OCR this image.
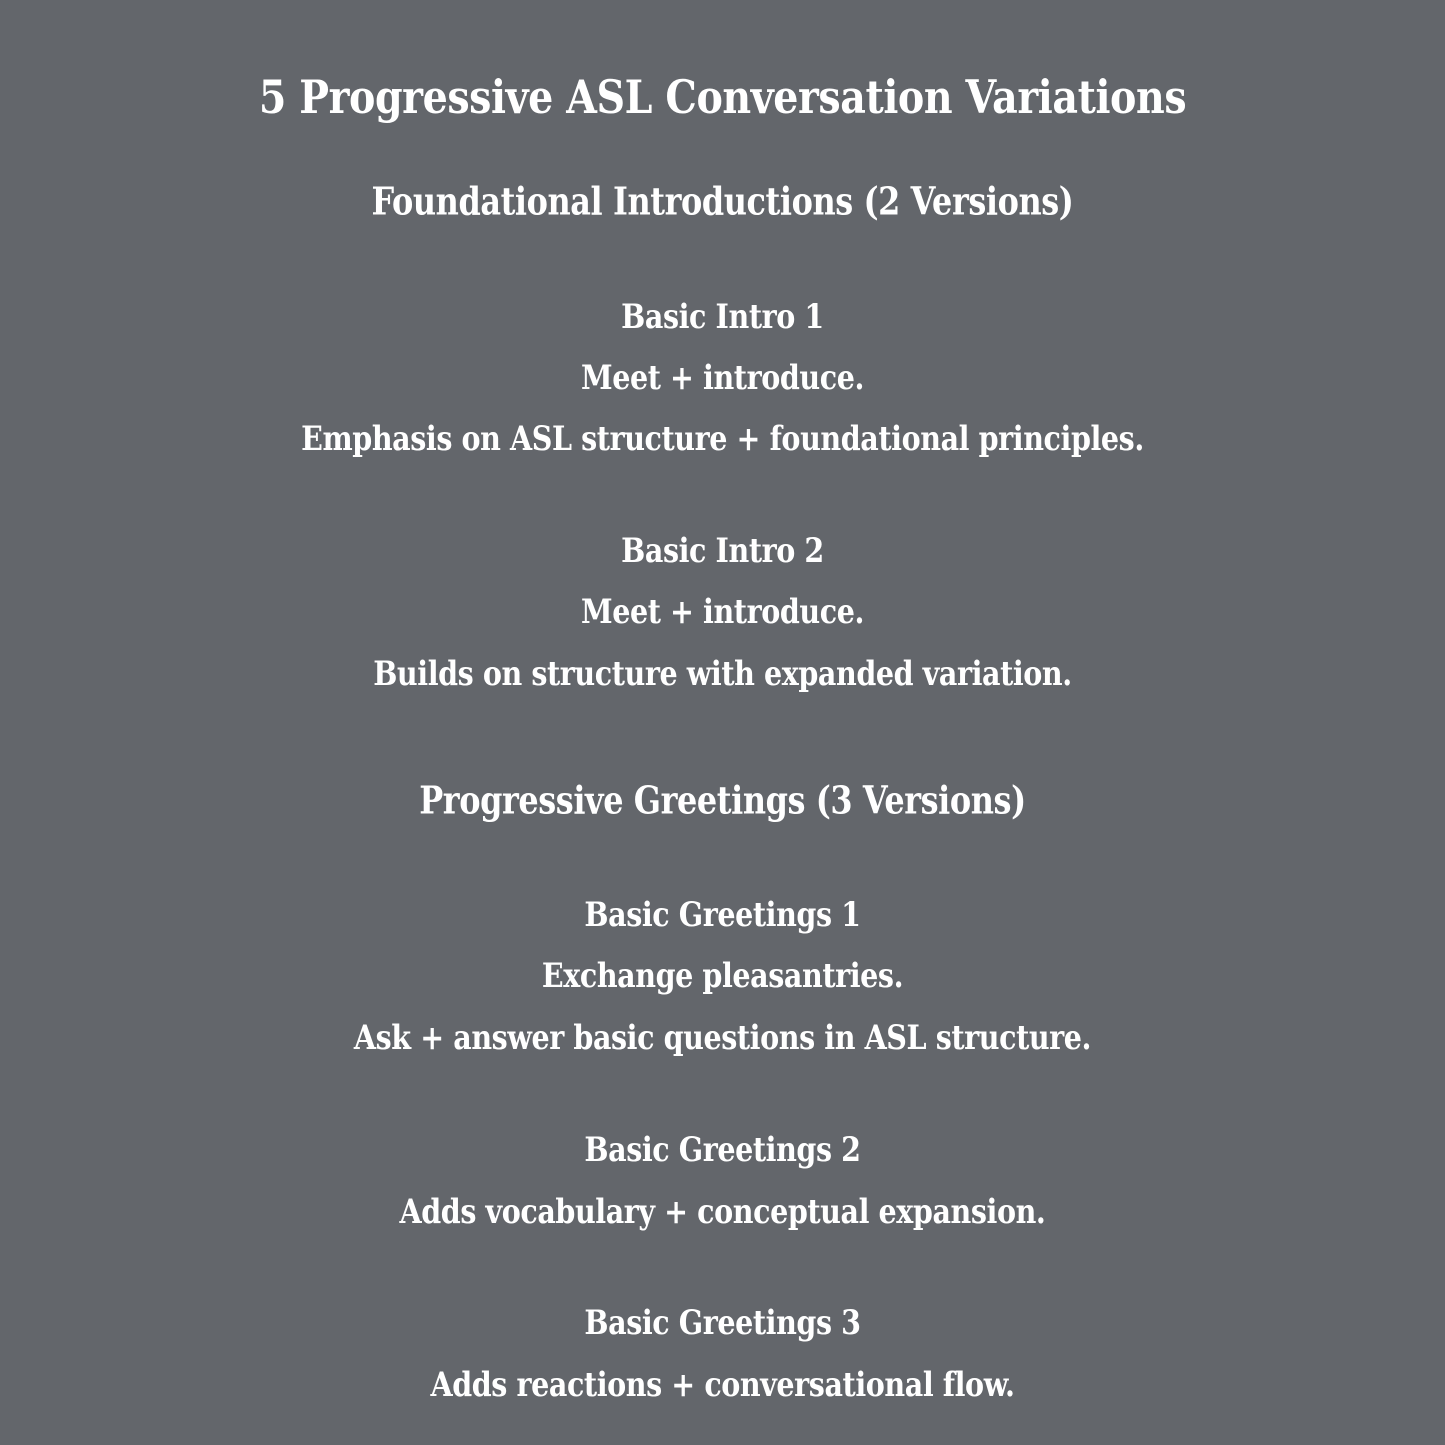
5 Progressive ASL Conversation Variations
Foundational Introductions (2 Versions)
Basic Intro 1
Meet + introduce.
Emphasis on ASL structure + foundational principles.
Basic Intro 2
Meet + introduce.
Builds on structure with expanded variation.
Progressive Greetings (3 Versions)
Basic Greetings 1
Exchange pleasantries.
Ask + answer basic questions in ASL structure.
Basic Greetings 2
Adds vocabulary + conceptual expansion.
Basic Greetings 3
Adds reactions + conversational flow.
